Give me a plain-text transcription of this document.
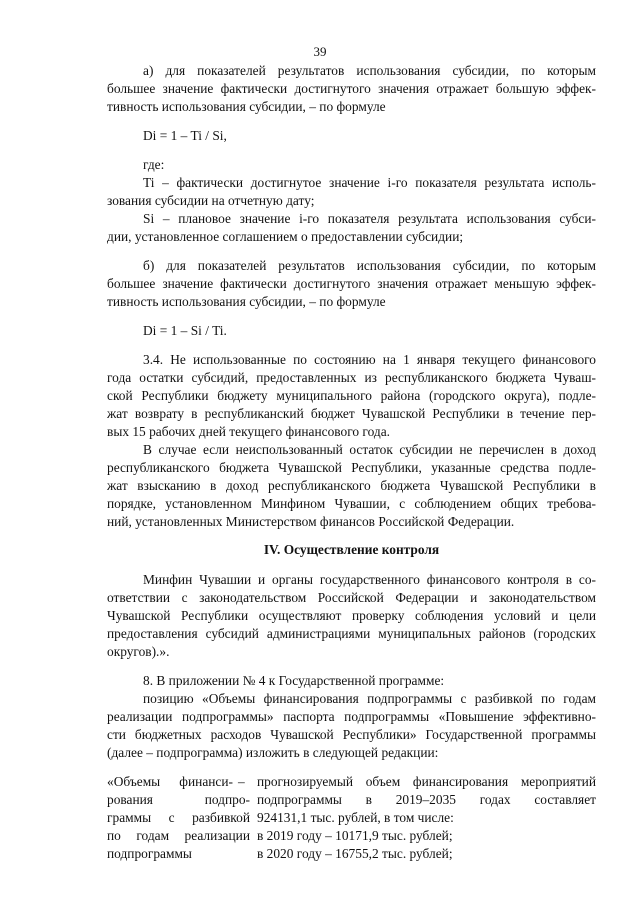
39
а) для показателей результатов использования субсидии, по которым
большее значение фактически достигнутого значения отражает большую эффек-
тивность использования субсидии, – по формуле
Di = 1 – Ti / Si,
где:
Ti – фактически достигнутое значение i-го показателя результата исполь-
зования субсидии на отчетную дату;
Si – плановое значение i-го показателя результата использования субси-
дии, установленное соглашением о предоставлении субсидии;
б) для показателей результатов использования субсидии, по которым
большее значение фактически достигнутого значения отражает меньшую эффек-
тивность использования субсидии, – по формуле
Di = 1 – Si / Ti.
3.4. Не использованные по состоянию на 1 января текущего финансового
года остатки субсидий, предоставленных из республиканского бюджета Чуваш-
ской Республики бюджету муниципального района (городского округа), подле-
жат возврату в республиканский бюджет Чувашской Республики в течение пер-
вых 15 рабочих дней текущего финансового года.
В случае если неиспользованный остаток субсидии не перечислен в доход
республиканского бюджета Чувашской Республики, указанные средства подле-
жат взысканию в доход республиканского бюджета Чувашской Республики в
порядке, установленном Минфином Чувашии, с соблюдением общих требова-
ний, установленных Министерством финансов Российской Федерации.
IV. Осуществление контроля
Минфин Чувашии и органы государственного финансового контроля в со-
ответствии с законодательством Российской Федерации и законодательством
Чувашской Республики осуществляют проверку соблюдения условий и цели
предоставления субсидий администрациями муниципальных районов (городских
округов).».
8. В приложении № 4 к Государственной программе:
позицию «Объемы финансирования подпрограммы с разбивкой по годам
реализации подпрограммы» паспорта подпрограммы «Повышение эффективно-
сти бюджетных расходов Чувашской Республики» Государственной программы
(далее – подпрограмма) изложить в следующей редакции:
«Объемы финанси-
рования подпро-
граммы с разбивкой
по годам реализации
подпрограммы
– прогнозируемый объем финансирования мероприятий
подпрограммы в 2019–2035 годах составляет
924131,1 тыс. рублей, в том числе:
в 2019 году – 10171,9 тыс. рублей;
в 2020 году – 16755,2 тыс. рублей;
